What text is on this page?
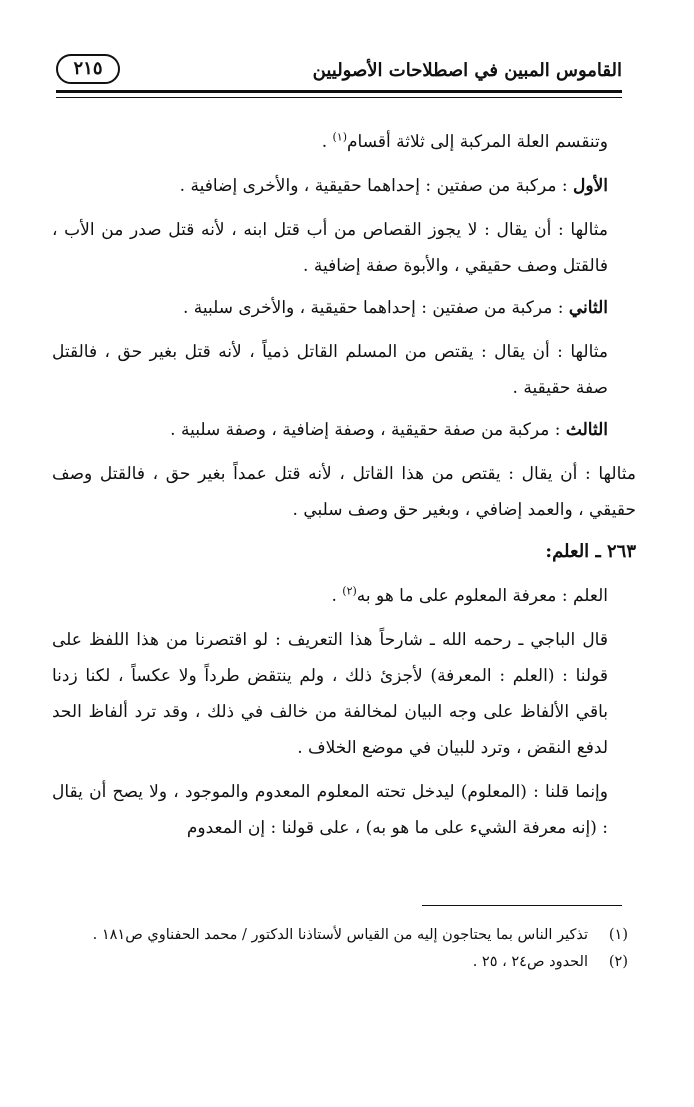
القاموس المبين في اصطلاحات الأصوليين
٢١٥

وتنقسم العلة المركبة إلى ثلاثة أقسام$^{(١)}$ .

الأول : مركبة من صفتين : إحداهما حقيقية ، والأخرى إضافية .

مثالها : أن يقال : لا يجوز القصاص من أب قتل ابنه ، لأنه قتل صدر من الأب ، فالقتل وصف حقيقي ، والأبوة صفة إضافية .

الثاني : مركبة من صفتين : إحداهما حقيقية ، والأخرى سلبية .

مثالها : أن يقال : يقتص من المسلم القاتل ذمياً ، لأنه قتل بغير حق ، فالقتل صفة حقيقية .

الثالث : مركبة من صفة حقيقية ، وصفة إضافية ، وصفة سلبية .

مثالها : أن يقال : يقتص من هذا القاتل ، لأنه قتل عمداً بغير حق ، فالقتل وصف حقيقي ، والعمد إضافي ، وبغير حق وصف سلبي .

٢٦٣ ـ العلم:

العلم : معرفة المعلوم على ما هو به$^{(٢)}$ .

قال الباجي ـ رحمه الله ـ شارحاً هذا التعريف : لو اقتصرنا من هذا اللفظ على قولنا : (العلم : المعرفة) لأجزئ ذلك ، ولم ينتقض طرداً ولا عكساً ، لكنا زدنا باقي الألفاظ على وجه البيان لمخالفة من خالف في ذلك ، وقد ترد ألفاظ الحد لدفع النقض ، وترد للبيان في موضع الخلاف .

وإنما قلنا : (المعلوم) ليدخل تحته المعلوم المعدوم والموجود ، ولا يصح أن يقال : (إنه معرفة الشيء على ما هو به) ، على قولنا : إن المعدوم

(١)
تذكير الناس بما يحتاجون إليه من القياس لأستاذنا الدكتور / محمد الحفناوي ص١٨١ .
(٢)
الحدود ص٢٤ ، ٢٥ .
